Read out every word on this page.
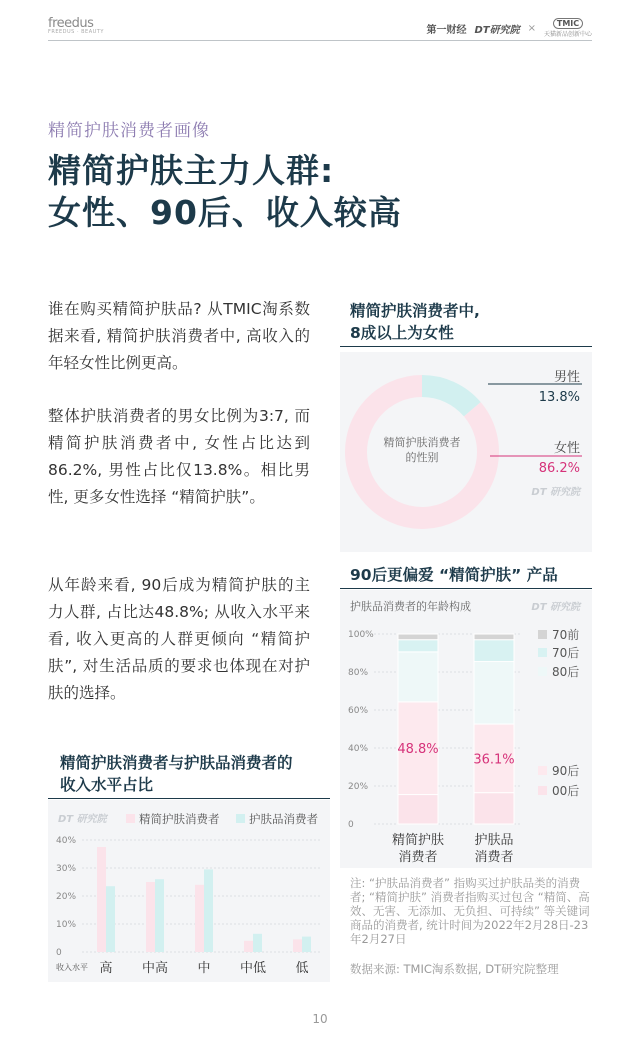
freedus
FREEDUS · BEAUTY	第一财经 DT研究院 ×	TMIC
天猫新品创新中心
精简护肤消费者画像
精简护肤主力人群:
女性、90后、收入较高
谁在购买精简护肤品? 从TMIC淘系数据来看, 精简护肤消费者中, 高收入的年轻女性比例更高。
整体护肤消费者的男女比例为3:7, 而精简护肤消费者中, 女性占比达到86.2%, 男性占比仅13.8%。相比男性, 更多女性选择 “精简护肤”。
从年龄来看, 90后成为精简护肤的主力人群, 占比达48.8%; 从收入水平来看, 收入更高的人群更倾向 “精简护肤”, 对生活品质的要求也体现在对护肤的选择。
精简护肤消费者中,
8成以上为女性
精简护肤消费者
的性别
男性
13.8%
女性
86.2%
DT 研究院
90后更偏爱 “精简护肤” 产品
护肤品消费者的年龄构成	DT 研究院
0
20%
40%
60%
80%
100%
48.8%
精简护肤
消费者
36.1%
护肤品
消费者
00后
90后
80后
70后
70前
注: “护肤品消费者” 指购买过护肤品类的消费者; “精简护肤” 消费者指购买过包含 “精简、高效、无害、无添加、无负担、可持续” 等关键词商品的消费者, 统计时间为2022年2月28日-23年2月27日
数据来源: TMIC淘系数据, DT研究院整理
精简护肤消费者与护肤品消费者的
收入水平占比
DT 研究院
0
10%
20%
30%
40%
高 中高 中 中低 低
收入水平
精简护肤消费者	护肤品消费者
10
